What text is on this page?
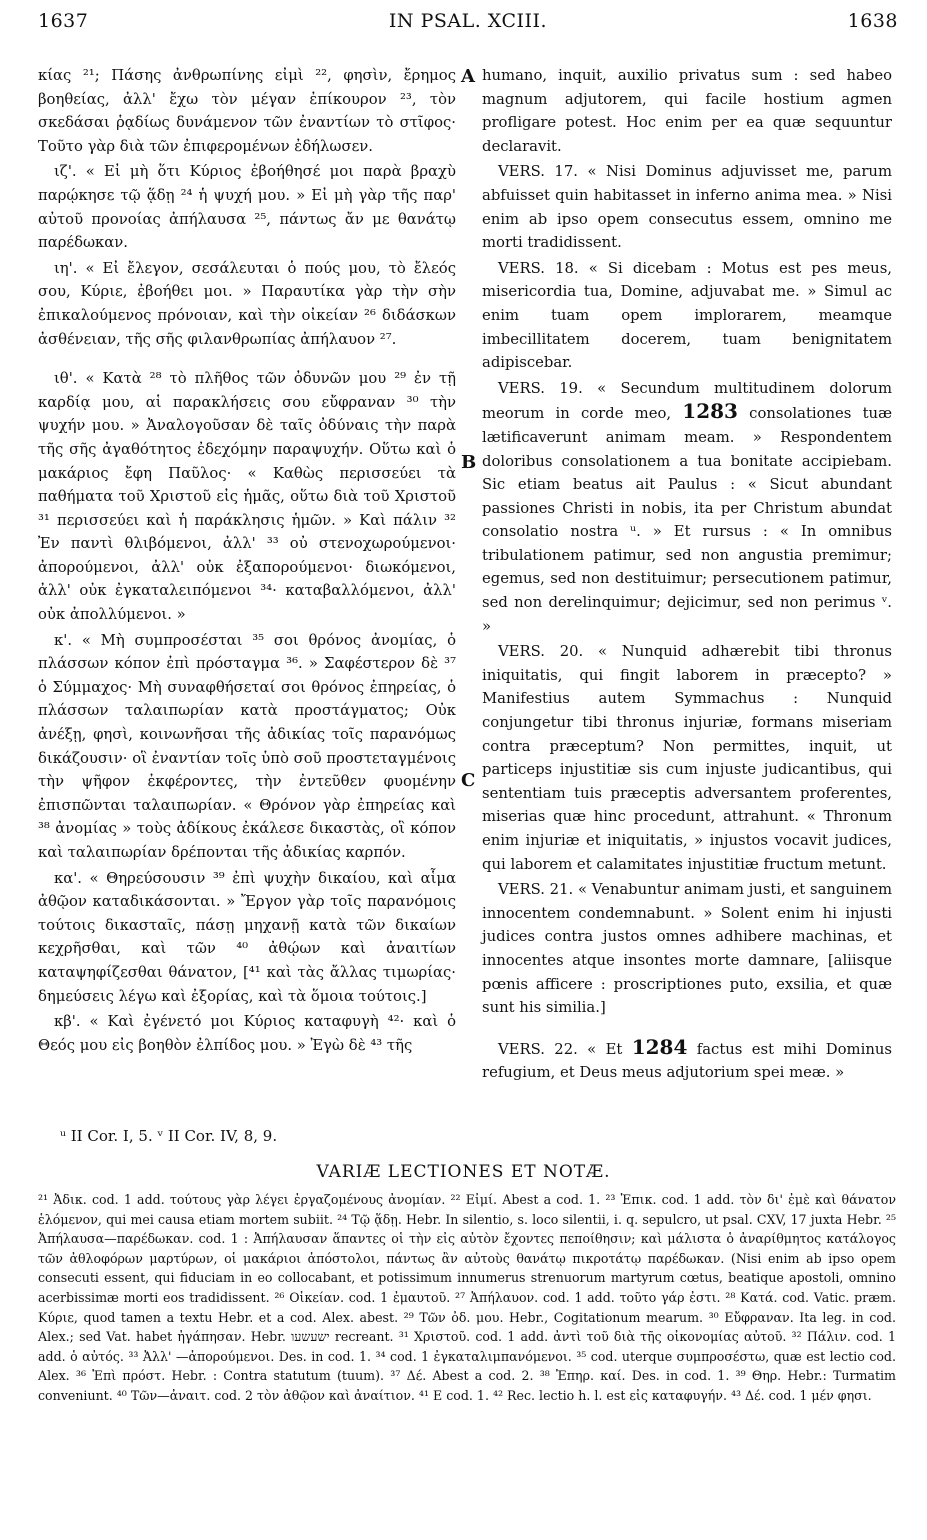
1637	IN PSAL. XCIII.	1638
A
B
C

κίας ²¹; Πάσης ἀνθρωπίνης εἰμὶ ²², φησὶν, ἔρημος βοηθείας, ἀλλ' ἔχω τὸν μέγαν ἐπίκουρον ²³, τὸν σκεδάσαι ῥᾳδίως δυνάμενον τῶν ἐναντίων τὸ στῖφος· Τοῦτο γὰρ διὰ τῶν ἐπιφερομένων ἐδήλωσεν.

ιζ'. « Εἰ μὴ ὅτι Κύριος ἐβοήθησέ μοι παρὰ βραχὺ παρῴκησε τῷ ᾅδῃ ²⁴ ἡ ψυχή μου. » Εἰ μὴ γὰρ τῆς παρ' αὐτοῦ προνοίας ἀπήλαυσα ²⁵, πάντως ἄν με θανάτῳ παρέδωκαν.

ιη'. « Εἰ ἔλεγον, σεσάλευται ὁ πούς μου, τὸ ἔλεός σου, Κύριε, ἐβοήθει μοι. » Παραυτίκα γὰρ τὴν σὴν ἐπικαλούμενος πρόνοιαν, καὶ τὴν οἰκείαν ²⁶ διδάσκων ἀσθένειαν, τῆς σῆς φιλανθρωπίας ἀπήλαυον ²⁷.

ιθ'. « Κατὰ ²⁸ τὸ πλῆθος τῶν ὀδυνῶν μου ²⁹ ἐν τῇ καρδίᾳ μου, αἱ παρακλήσεις σου εὔφραναν ³⁰ τὴν ψυχήν μου. » Ἀναλογοῦσαν δὲ ταῖς ὀδύναις τὴν παρὰ τῆς σῆς ἀγαθότητος ἐδεχόμην παραψυχήν. Οὕτω καὶ ὁ μακάριος ἔφη Παῦλος· « Καθὼς περισσεύει τὰ παθήματα τοῦ Χριστοῦ εἰς ἡμᾶς, οὕτω διὰ τοῦ Χριστοῦ ³¹ περισσεύει καὶ ἡ παράκλησις ἡμῶν. » Καὶ πάλιν ³² Ἐν παντὶ θλιβόμενοι, ἀλλ' ³³ οὐ στενοχωρούμενοι· ἀπορούμενοι, ἀλλ' οὐκ ἐξαπορούμενοι· διωκόμενοι, ἀλλ' οὐκ ἐγκαταλειπόμενοι ³⁴· καταβαλλόμενοι, ἀλλ' οὐκ ἀπολλύμενοι. »

κ'. « Μὴ συμπροσέσται ³⁵ σοι θρόνος ἀνομίας, ὁ πλάσσων κόπον ἐπὶ πρόσταγμα ³⁶. » Σαφέστερον δὲ ³⁷ ὁ Σύμμαχος· Μὴ συναφθήσεταί σοι θρόνος ἐπηρείας, ὁ πλάσσων ταλαιπωρίαν κατὰ προστάγματος; Οὐκ ἀνέξῃ, φησὶ, κοινωνῆσαι τῆς ἀδικίας τοῖς παρανόμως δικάζουσιν· οἳ ἐναντίαν τοῖς ὑπὸ σοῦ προστεταγμένοις τὴν ψῆφον ἐκφέροντες, τὴν ἐντεῦθεν φυομένην ἐπισπῶνται ταλαιπωρίαν. « Θρόνον γὰρ ἐπηρείας καὶ ³⁸ ἀνομίας » τοὺς ἀδίκους ἐκάλεσε δικαστὰς, οἳ κόπον καὶ ταλαιπωρίαν δρέπονται τῆς ἀδικίας καρπόν.

κα'. « Θηρεύσουσιν ³⁹ ἐπὶ ψυχὴν δικαίου, καὶ αἷμα ἀθῷον καταδικάσονται. » Ἔργον γὰρ τοῖς παρανόμοις τούτοις δικασταῖς, πάσῃ μηχανῇ κατὰ τῶν δικαίων κεχρῆσθαι, καὶ τῶν ⁴⁰ ἀθῴων καὶ ἀναιτίων καταψηφίζεσθαι θάνατον, [⁴¹ καὶ τὰς ἄλλας τιμωρίας· δημεύσεις λέγω καὶ ἐξορίας, καὶ τὰ ὅμοια τούτοις.]

κβ'. « Καὶ ἐγένετό μοι Κύριος καταφυγὴ ⁴²· καὶ ὁ Θεός μου εἰς βοηθὸν ἐλπίδος μου. » Ἐγὼ δὲ ⁴³ τῆς

humano, inquit, auxilio privatus sum : sed habeo magnum adjutorem, qui facile hostium agmen profligare potest. Hoc enim per ea quæ sequuntur declaravit.

VERS. 17. « Nisi Dominus adjuvisset me, parum abfuisset quin habitasset in inferno anima mea. » Nisi enim ab ipso opem consecutus essem, omnino me morti tradidissent.

VERS. 18. « Si dicebam : Motus est pes meus, misericordia tua, Domine, adjuvabat me. » Simul ac enim tuam opem implorarem, meamque imbecillitatem docerem, tuam benignitatem adipiscebar.

VERS. 19. « Secundum multitudinem dolorum meorum in corde meo, 1283 consolationes tuæ lætificaverunt animam meam. » Respondentem doloribus consolationem a tua bonitate accipiebam. Sic etiam beatus ait Paulus : « Sicut abundant passiones Christi in nobis, ita per Christum abundat consolatio nostra ᵘ. » Et rursus : « In omnibus tribulationem patimur, sed non angustia premimur; egemus, sed non destituimur; persecutionem patimur, sed non derelinquimur; dejicimur, sed non perimus ᵛ. »

VERS. 20. « Nunquid adhærebit tibi thronus iniquitatis, qui fingit laborem in præcepto? » Manifestius autem Symmachus : Nunquid conjungetur tibi thronus injuriæ, formans miseriam contra præceptum? Non permittes, inquit, ut particeps injustitiæ sis cum injuste judicantibus, qui sententiam tuis præceptis adversantem proferentes, miserias quæ hinc procedunt, attrahunt. « Thronum enim injuriæ et iniquitatis, » injustos vocavit judices, qui laborem et calamitates injustitiæ fructum metunt.

VERS. 21. « Venabuntur animam justi, et sanguinem innocentem condemnabunt. » Solent enim hi injusti judices contra justos omnes adhibere machinas, et innocentes atque insontes morte damnare, [aliisque pœnis afficere : proscriptiones puto, exsilia, et quæ sunt his similia.]

VERS. 22. « Et 1284 factus est mihi Dominus refugium, et Deus meus adjutorium spei meæ. »

ᵘ II Cor. I, 5. ᵛ II Cor. IV, 8, 9.
VARIÆ LECTIONES ET NOTÆ.

²¹ Ἀδικ. cod. 1 add. τούτους γὰρ λέγει ἐργαζομένους ἀνομίαν. ²² Εἰμί. Abest a cod. 1. ²³ Ἐπικ. cod. 1 add. τὸν δι' ἐμὲ καὶ θάνατον ἑλόμενον, qui mei causa etiam mortem subiit. ²⁴ Τῷ ᾅδῃ. Hebr. In silentio, s. loco silentii, i. q. sepulcro, ut psal. CXV, 17 juxta Hebr. ²⁵ Ἀπήλαυσα—παρέδωκαν. cod. 1 : Ἀπήλαυσαν ἅπαντες οἱ τὴν εἰς αὐτὸν ἔχοντες πεποίθησιν; καὶ μάλιστα ὁ ἀναρίθμητος κατάλογος τῶν ἀθλοφόρων μαρτύρων, οἱ μακάριοι ἀπόστολοι, πάντως ἂν αὐτοὺς θανάτῳ πικροτάτῳ παρέδωκαν. (Nisi enim ab ipso opem consecuti essent, qui fiduciam in eo collocabant, et potissimum innumerus strenuorum martyrum cœtus, beatique apostoli, omnino acerbissimæ morti eos tradidissent. ²⁶ Οἰκείαν. cod. 1 ἐμαυτοῦ. ²⁷ Ἀπήλαυον. cod. 1 add. τοῦτο γάρ ἐστι. ²⁸ Κατά. cod. Vatic. præm. Κύριε, quod tamen a textu Hebr. et a cod. Alex. abest. ²⁹ Τῶν ὀδ. μου. Hebr., Cogitationum mearum. ³⁰ Εὔφραναν. Ita leg. in cod. Alex.; sed Vat. habet ἠγάπησαν. Hebr. ישעשעו recreant. ³¹ Χριστοῦ. cod. 1 add. ἀντὶ τοῦ διὰ τῆς οἰκονομίας αὐτοῦ. ³² Πάλιν. cod. 1 add. ὁ αὐτός. ³³ Ἀλλ' —ἀπορούμενοι. Des. in cod. 1. ³⁴ cod. 1 ἐγκαταλιμπανόμενοι. ³⁵ cod. uterque συμπροσέστω, quæ est lectio cod. Alex. ³⁶ Ἐπὶ πρόστ. Hebr. : Contra statutum (tuum). ³⁷ Δέ. Abest a cod. 2. ³⁸ Ἐπηρ. καί. Des. in cod. 1. ³⁹ Θηρ. Hebr.: Turmatim conveniunt. ⁴⁰ Τῶν—ἀναιτ. cod. 2 τὸν ἀθῷον καὶ ἀναίτιον. ⁴¹ E cod. 1. ⁴² Rec. lectio h. l. est εἰς καταφυγήν. ⁴³ Δέ. cod. 1 μέν φησι.
